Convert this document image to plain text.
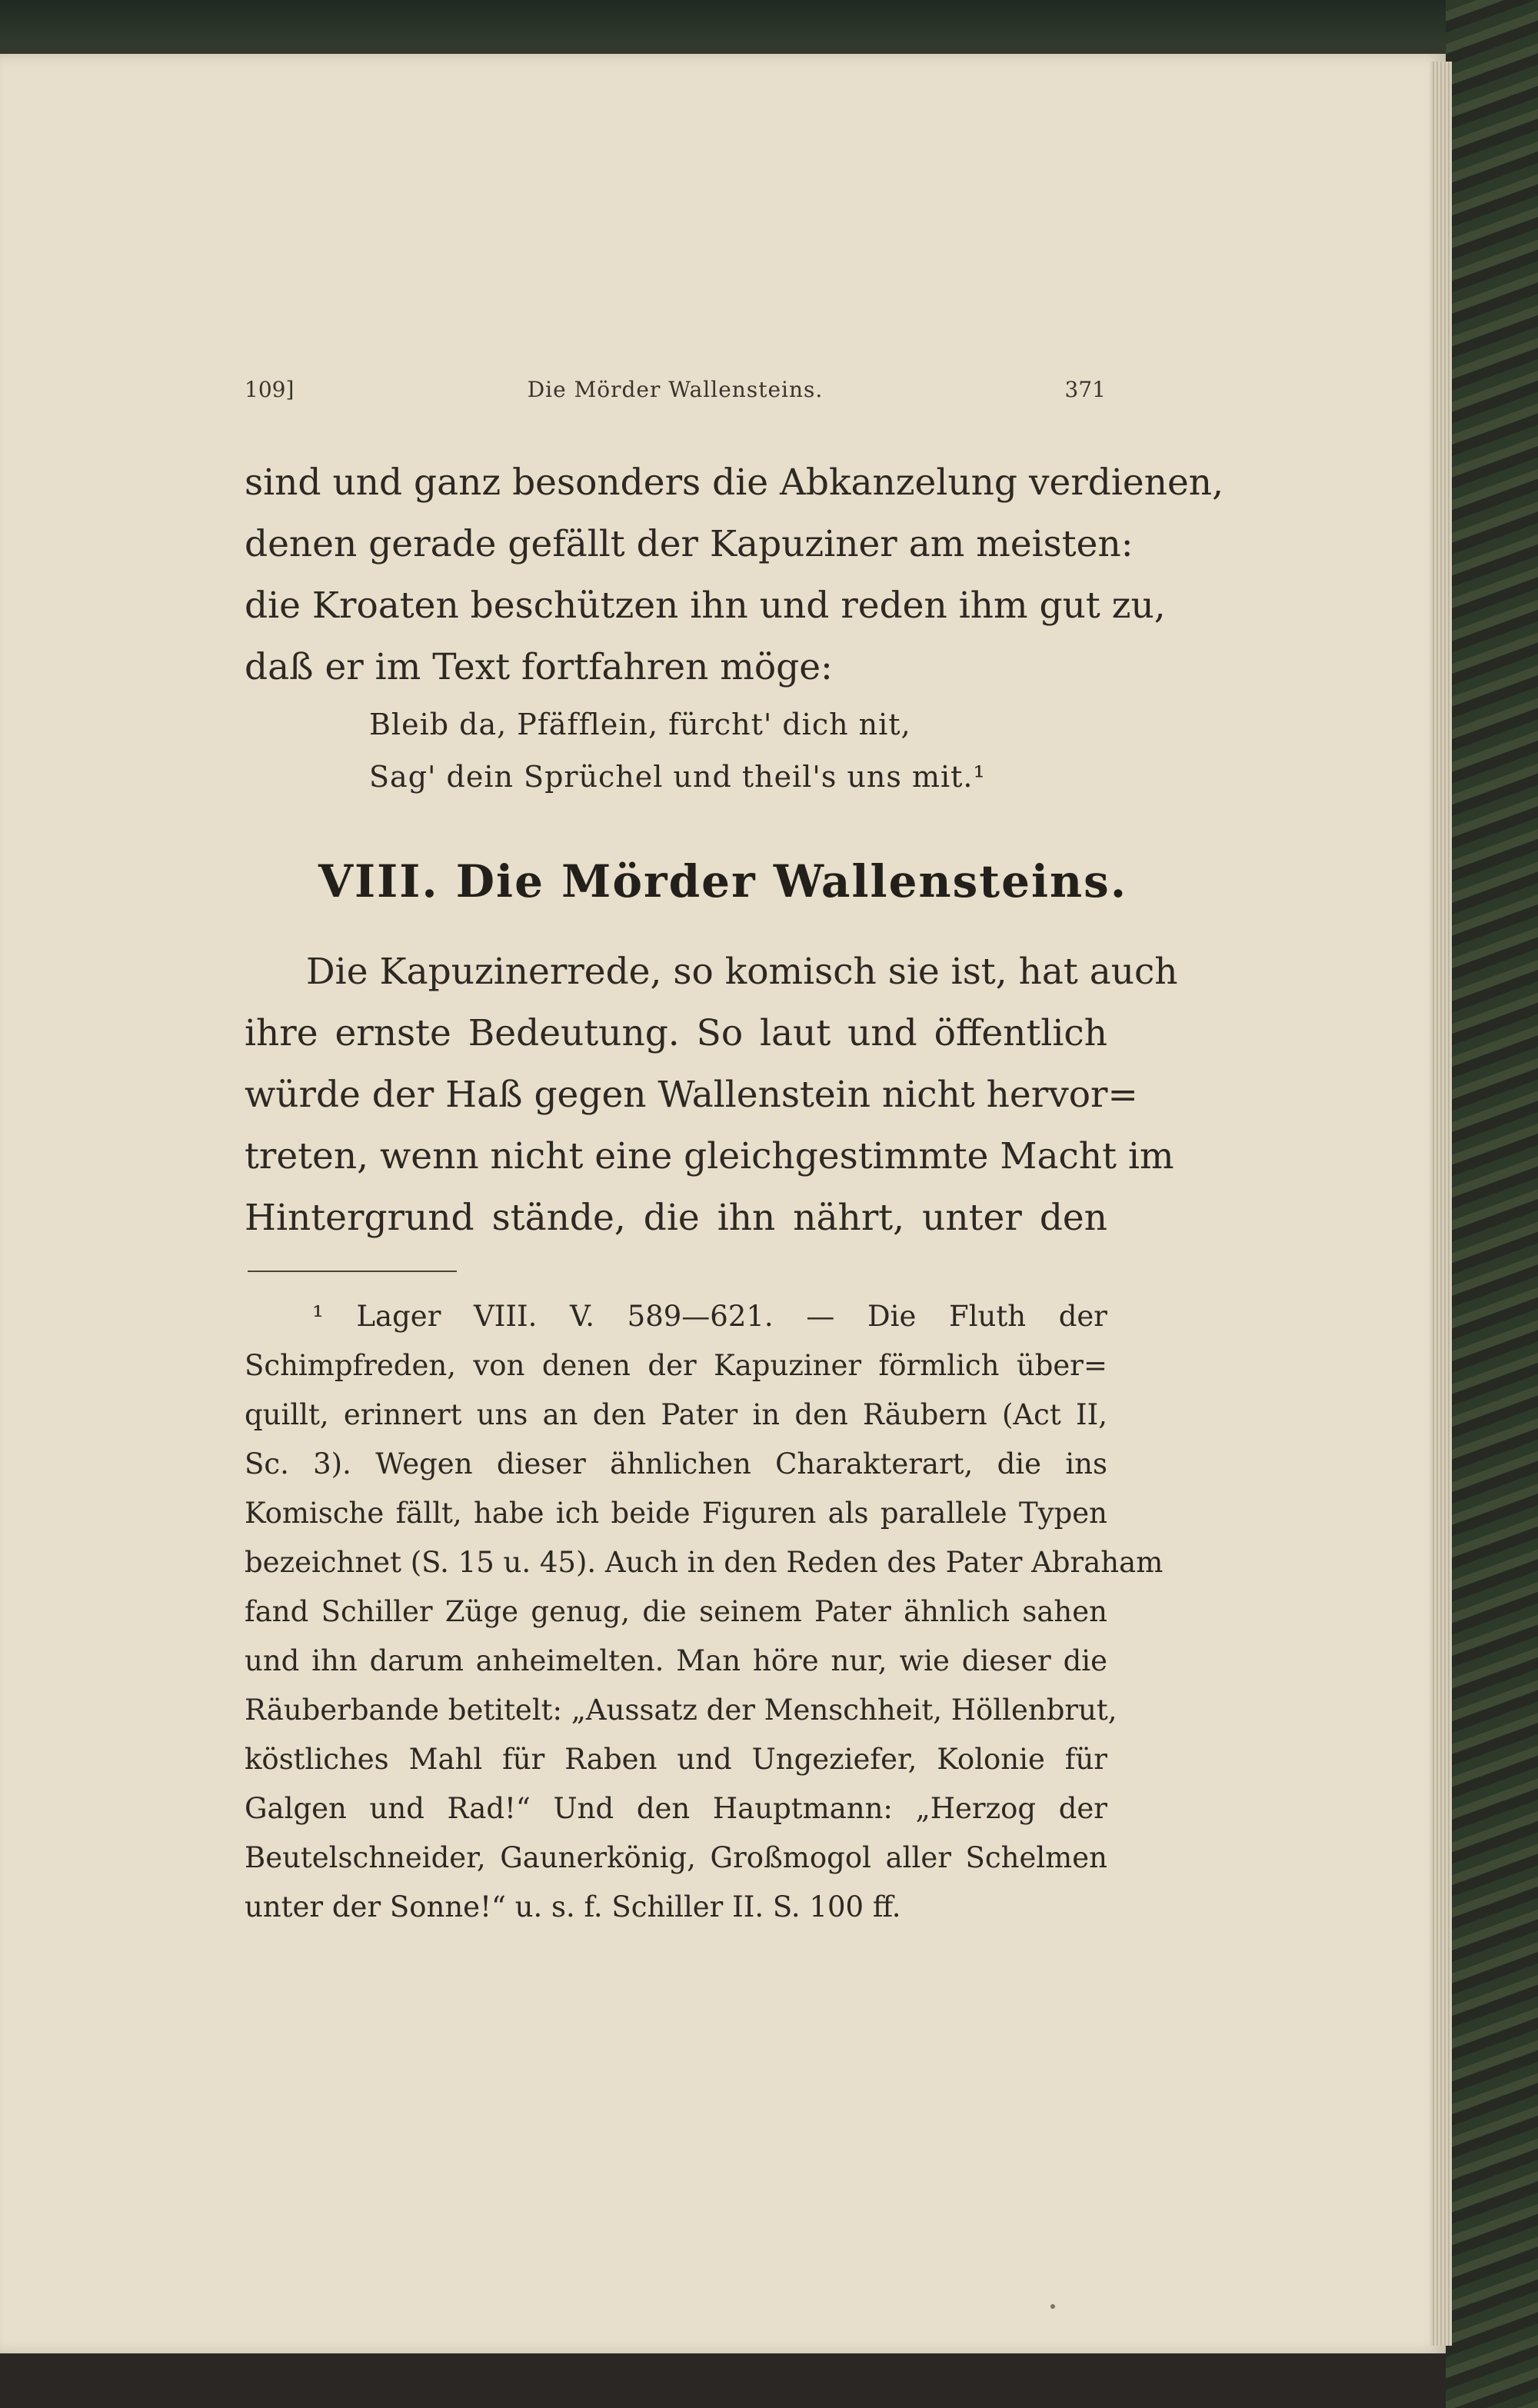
109]	Die Mörder Wallensteins.	371
sind und ganz besonders die Abkanzelung verdienen,
denen gerade gefällt der Kapuziner am meisten:
die Kroaten beschützen ihn und reden ihm gut zu,
daß er im Text fortfahren möge:
Bleib da, Pfäfflein, fürcht' dich nit,
Sag' dein Sprüchel und theil's uns mit.¹
VIII. Die Mörder Wallensteins.
Die Kapuzinerrede, so komisch sie ist, hat auch
ihre ernste Bedeutung. So laut und öffentlich
würde der Haß gegen Wallenstein nicht hervor=
treten, wenn nicht eine gleichgestimmte Macht im
Hintergrund stände, die ihn nährt, unter den
¹ Lager VIII. V. 589—621. — Die Fluth der
Schimpfreden, von denen der Kapuziner förmlich über=
quillt, erinnert uns an den Pater in den Räubern (Act II,
Sc. 3). Wegen dieser ähnlichen Charakterart, die ins
Komische fällt, habe ich beide Figuren als parallele Typen
bezeichnet (S. 15 u. 45). Auch in den Reden des Pater Abraham
fand Schiller Züge genug, die seinem Pater ähnlich sahen
und ihn darum anheimelten. Man höre nur, wie dieser die
Räuberbande betitelt: „Aussatz der Menschheit, Höllenbrut,
köstliches Mahl für Raben und Ungeziefer, Kolonie für
Galgen und Rad!“ Und den Hauptmann: „Herzog der
Beutelschneider, Gaunerkönig, Großmogol aller Schelmen
unter der Sonne!“ u. s. f. Schiller II. S. 100 ff.
